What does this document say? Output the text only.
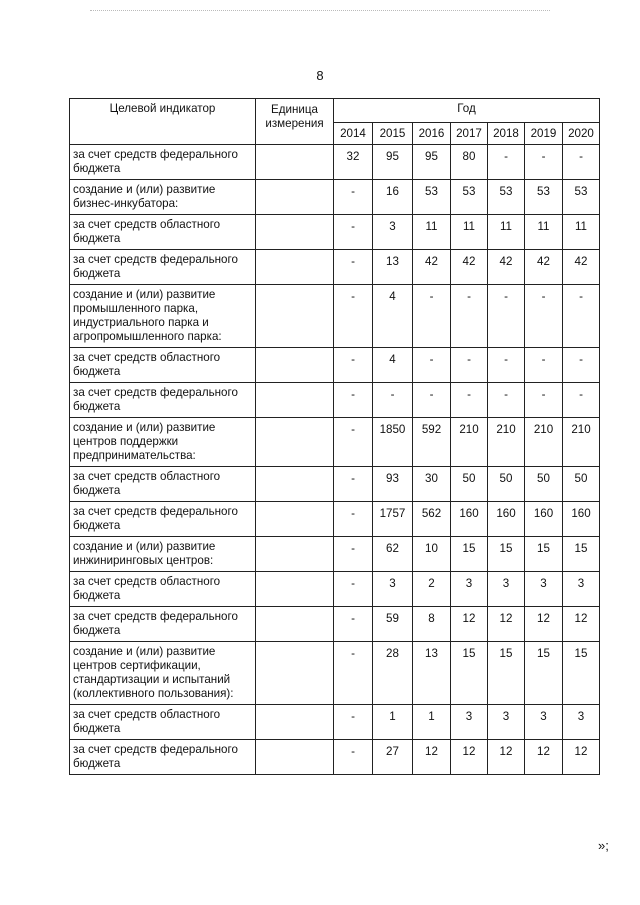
8
Целевой индикатор	Единица измерения	Год						
		2014	2015	2016	2017	2018	2019	2020
за счет средств федерального бюджета		32	95	95	80	-	-	-
создание и (или) развитие бизнес-инкубатора:		-	16	53	53	53	53	53
за счет средств областного бюджета		-	3	11	11	11	11	11
за счет средств федерального бюджета		-	13	42	42	42	42	42
создание и (или) развитие промышленного парка, индустриального парка и агропромышленного парка:		-	4	-	-	-	-	-
за счет средств областного бюджета		-	4	-	-	-	-	-
за счет средств федерального бюджета		-	-	-	-	-	-	-
создание и (или) развитие центров поддержки предпринимательства:		-	1850	592	210	210	210	210
за счет средств областного бюджета		-	93	30	50	50	50	50
за счет средств федерального бюджета		-	1757	562	160	160	160	160
создание и (или) развитие инжиниринговых центров:		-	62	10	15	15	15	15
за счет средств областного бюджета		-	3	2	3	3	3	3
за счет средств федерального бюджета		-	59	8	12	12	12	12
создание и (или) развитие центров сертификации, стандартизации и испытаний (коллективного пользования):		-	28	13	15	15	15	15
за счет средств областного бюджета		-	1	1	3	3	3	3
за счет средств федерального бюджета		-	27	12	12	12	12	12
»;
